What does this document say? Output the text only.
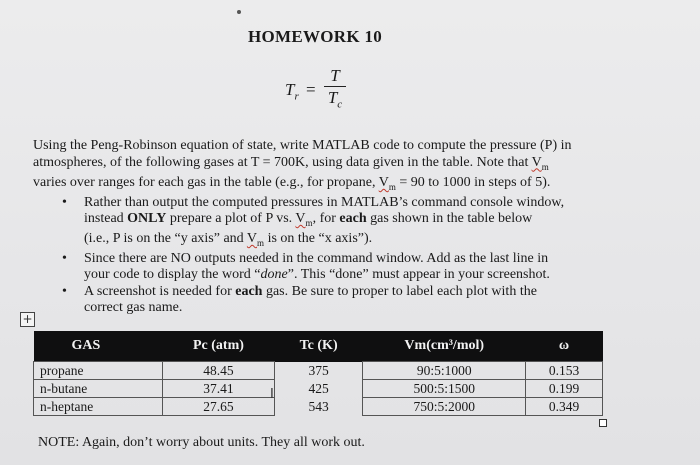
HOMEWORK 10
$T_r$ =
T
$T_c$
Using the Peng-Robinson equation of state, write MATLAB code to compute the pressure (P) in
atmospheres, of the following gases at T = 700K, using data given in the table. Note that $V_m$
varies over ranges for each gas in the table (e.g., for propane, $V_m = 90$ to 1000 in steps of 5).
• Rather than output the computed pressures in MATLAB’s command console window,
instead ONLY prepare a plot of P vs. $V_m$, for each gas shown in the table below
(i.e., P is on the “y axis” and $V_m$ is on the “x axis”).
• Since there are NO outputs needed in the command window. Add as the last line in
your code to display the word “done”. This “done” must appear in your screenshot.
• A screenshot is needed for each gas. Be sure to proper to label each plot with the
correct gas name.
+
GAS	Pc (atm)	Tc (K)	Vm(cm³/mol)	ω
propane	48.45	375	90:5:1000	0.153
n-butane	37.41	425	500:5:1500	0.199
n-heptane	27.65	543	750:5:2000	0.349
I
NOTE: Again, don’t worry about units. They all work out.
